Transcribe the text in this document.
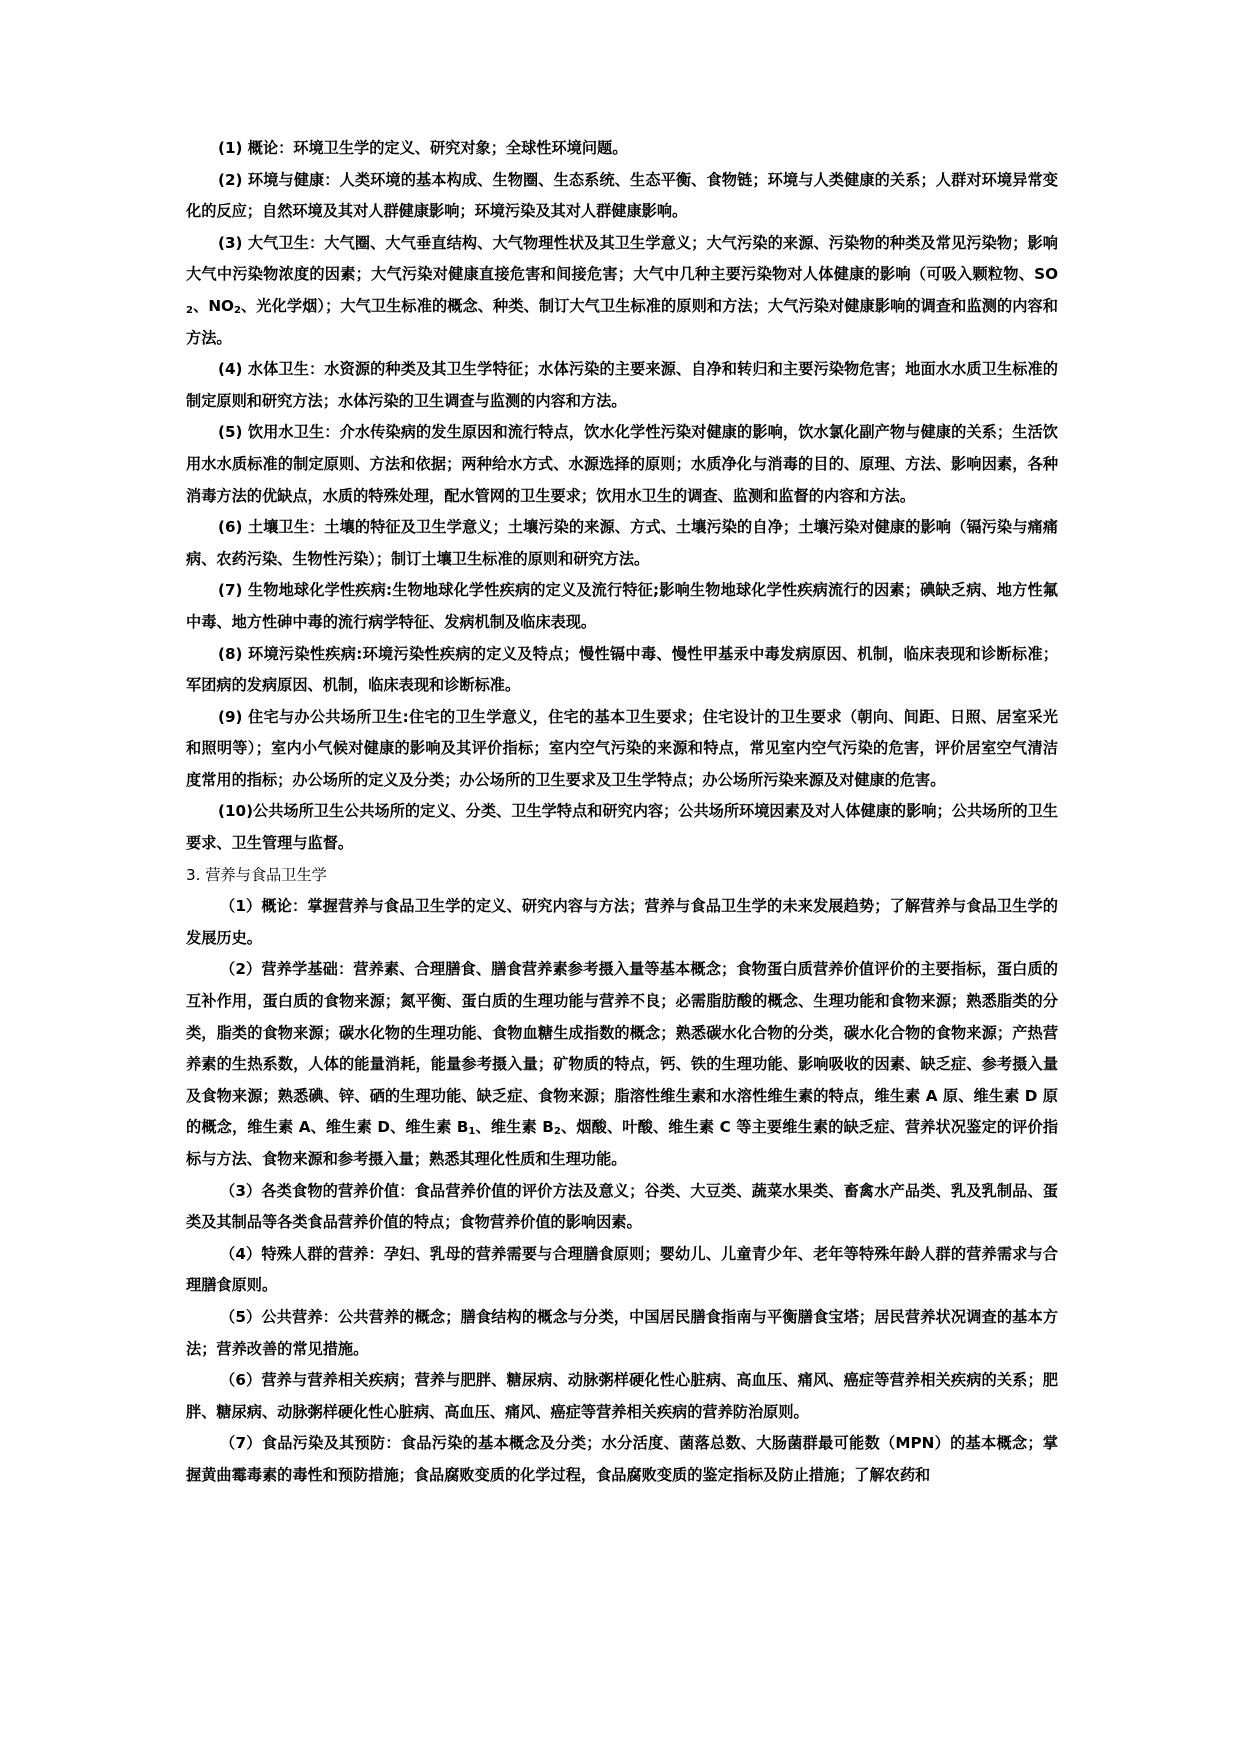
(1) 概论：环境卫生学的定义、研究对象；全球性环境问题。

(2) 环境与健康：人类环境的基本构成、生物圈、生态系统、生态平衡、食物链；环境与人类健康的关系；人群对环境异常变化的反应；自然环境及其对人群健康影响；环境污染及其对人群健康影响。

(3) 大气卫生：大气圈、大气垂直结构、大气物理性状及其卫生学意义；大气污染的来源、污染物的种类及常见污染物；影响大气中污染物浓度的因素；大气污染对健康直接危害和间接危害；大气中几种主要污染物对人体健康的影响（可吸入颗粒物、$SO_2$、$NO_2$、光化学烟）；大气卫生标准的概念、种类、制订大气卫生标准的原则和方法；大气污染对健康影响的调查和监测的内容和方法。

(4) 水体卫生：水资源的种类及其卫生学特征；水体污染的主要来源、自净和转归和主要污染物危害；地面水水质卫生标准的制定原则和研究方法；水体污染的卫生调查与监测的内容和方法。

(5) 饮用水卫生：介水传染病的发生原因和流行特点，饮水化学性污染对健康的影响，饮水氯化副产物与健康的关系；生活饮用水水质标准的制定原则、方法和依据；两种给水方式、水源选择的原则；水质净化与消毒的目的、原理、方法、影响因素，各种消毒方法的优缺点，水质的特殊处理，配水管网的卫生要求；饮用水卫生的调查、监测和监督的内容和方法。

(6) 土壤卫生：土壤的特征及卫生学意义；土壤污染的来源、方式、土壤污染的自净；土壤污染对健康的影响（镉污染与痛痛病、农药污染、生物性污染）；制订土壤卫生标准的原则和研究方法。

(7) 生物地球化学性疾病:生物地球化学性疾病的定义及流行特征;影响生物地球化学性疾病流行的因素；碘缺乏病、地方性氟中毒、地方性砷中毒的流行病学特征、发病机制及临床表现。

(8) 环境污染性疾病:环境污染性疾病的定义及特点；慢性镉中毒、慢性甲基汞中毒发病原因、机制，临床表现和诊断标准；军团病的发病原因、机制，临床表现和诊断标准。

(9) 住宅与办公共场所卫生:住宅的卫生学意义，住宅的基本卫生要求；住宅设计的卫生要求（朝向、间距、日照、居室采光和照明等）；室内小气候对健康的影响及其评价指标；室内空气污染的来源和特点，常见室内空气污染的危害，评价居室空气清洁度常用的指标；办公场所的定义及分类；办公场所的卫生要求及卫生学特点；办公场所污染来源及对健康的危害。

(10)公共场所卫生公共场所的定义、分类、卫生学特点和研究内容；公共场所环境因素及对人体健康的影响；公共场所的卫生要求、卫生管理与监督。

3. 营养与食品卫生学

（1）概论：掌握营养与食品卫生学的定义、研究内容与方法；营养与食品卫生学的未来发展趋势；了解营养与食品卫生学的发展历史。

（2）营养学基础：营养素、合理膳食、膳食营养素参考摄入量等基本概念；食物蛋白质营养价值评价的主要指标，蛋白质的互补作用，蛋白质的食物来源；氮平衡、蛋白质的生理功能与营养不良；必需脂肪酸的概念、生理功能和食物来源；熟悉脂类的分类，脂类的食物来源；碳水化物的生理功能、食物血糖生成指数的概念；熟悉碳水化合物的分类，碳水化合物的食物来源；产热营养素的生热系数，人体的能量消耗，能量参考摄入量；矿物质的特点，钙、铁的生理功能、影响吸收的因素、缺乏症、参考摄入量及食物来源；熟悉碘、锌、硒的生理功能、缺乏症、食物来源；脂溶性维生素和水溶性维生素的特点，维生素 A 原、维生素 D 原的概念，维生素 A、维生素 D、维生素 $B_1$、维生素 $B_2$、烟酸、叶酸、维生素 C 等主要维生素的缺乏症、营养状况鉴定的评价指标与方法、食物来源和参考摄入量；熟悉其理化性质和生理功能。

（3）各类食物的营养价值：食品营养价值的评价方法及意义；谷类、大豆类、蔬菜水果类、畜禽水产品类、乳及乳制品、蛋类及其制品等各类食品营养价值的特点；食物营养价值的影响因素。

（4）特殊人群的营养：孕妇、乳母的营养需要与合理膳食原则；婴幼儿、儿童青少年、老年等特殊年龄人群的营养需求与合理膳食原则。

（5）公共营养：公共营养的概念；膳食结构的概念与分类，中国居民膳食指南与平衡膳食宝塔；居民营养状况调查的基本方法；营养改善的常见措施。

（6）营养与营养相关疾病；营养与肥胖、糖尿病、动脉粥样硬化性心脏病、高血压、痛风、癌症等营养相关疾病的关系；肥胖、糖尿病、动脉粥样硬化性心脏病、高血压、痛风、癌症等营养相关疾病的营养防治原则。

（7）食品污染及其预防：食品污染的基本概念及分类；水分活度、菌落总数、大肠菌群最可能数（MPN）的基本概念；掌握黄曲霉毒素的毒性和预防措施；食品腐败变质的化学过程，食品腐败变质的鉴定指标及防止措施；了解农药和
